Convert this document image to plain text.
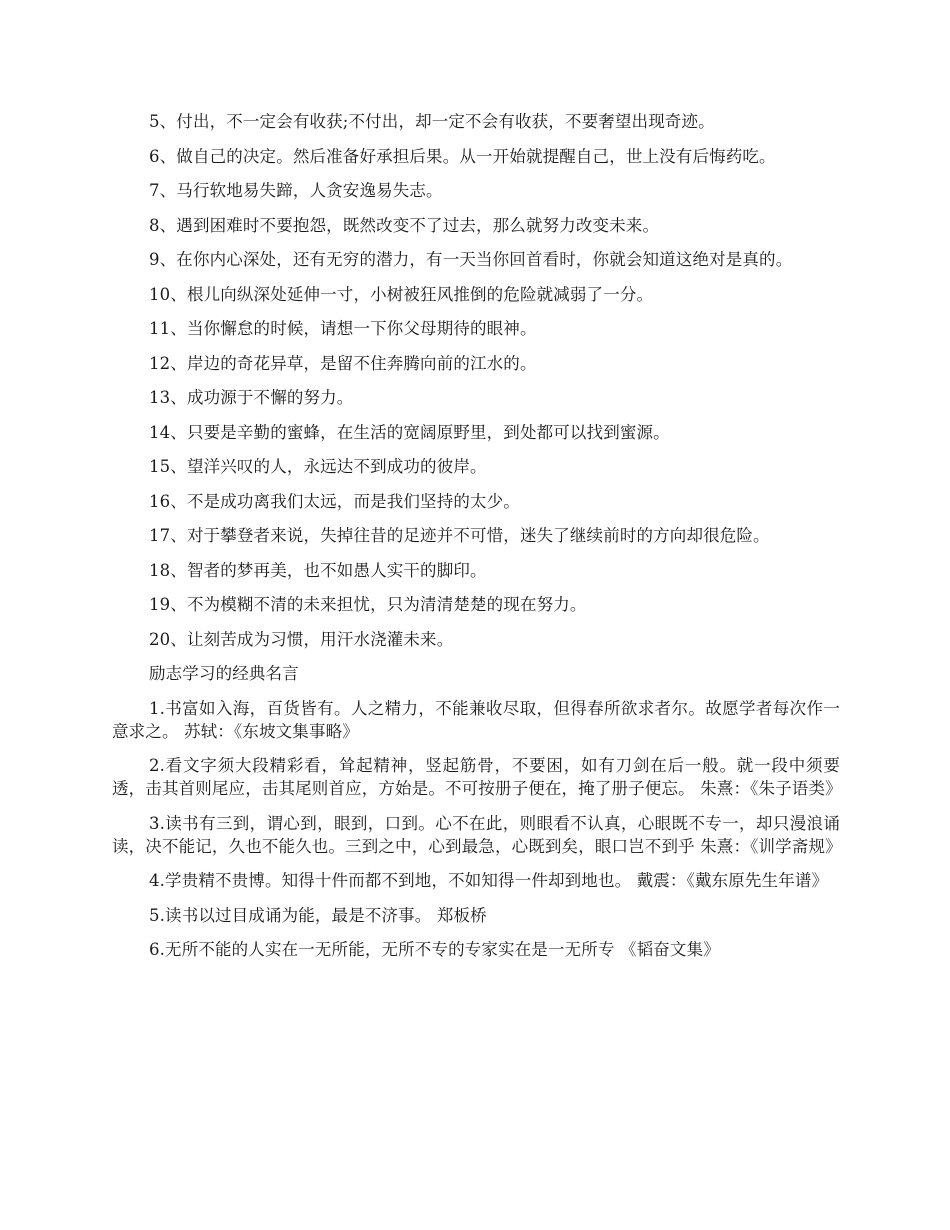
5、付出，不一定会有收获;不付出，却一定不会有收获，不要奢望出现奇迹。

6、做自己的决定。然后准备好承担后果。从一开始就提醒自己，世上没有后悔药吃。

7、马行软地易失蹄，人贪安逸易失志。

8、遇到困难时不要抱怨，既然改变不了过去，那么就努力改变未来。

9、在你内心深处，还有无穷的潜力，有一天当你回首看时，你就会知道这绝对是真的。

10、根儿向纵深处延伸一寸，小树被狂风推倒的危险就减弱了一分。

11、当你懈怠的时候，请想一下你父母期待的眼神。

12、岸边的奇花异草，是留不住奔腾向前的江水的。

13、成功源于不懈的努力。

14、只要是辛勤的蜜蜂，在生活的宽阔原野里，到处都可以找到蜜源。

15、望洋兴叹的人，永远达不到成功的彼岸。

16、不是成功离我们太远，而是我们坚持的太少。

17、对于攀登者来说，失掉往昔的足迹并不可惜，迷失了继续前时的方向却很危险。

18、智者的梦再美，也不如愚人实干的脚印。

19、不为模糊不清的未来担忧，只为清清楚楚的现在努力。

20、让刻苦成为习惯，用汗水浇灌未来。

励志学习的经典名言

1.书富如入海，百货皆有。人之精力，不能兼收尽取，但得春所欲求者尔。故愿学者每次作一意求之。 苏轼：《东坡文集事略》

2.看文字须大段精彩看，耸起精神，竖起筋骨，不要困，如有刀剑在后一般。就一段中须要透，击其首则尾应，击其尾则首应，方始是。不可按册子便在，掩了册子便忘。 朱熹：《朱子语类》

3.读书有三到，谓心到，眼到，口到。心不在此，则眼看不认真，心眼既不专一，却只漫浪诵读，决不能记，久也不能久也。三到之中，心到最急，心既到矣，眼口岂不到乎 朱熹：《训学斋规》

4.学贵精不贵博。知得十件而都不到地，不如知得一件却到地也。 戴震：《戴东原先生年谱》

5.读书以过目成诵为能，最是不济事。 郑板桥

6.无所不能的人实在一无所能，无所不专的专家实在是一无所专 《韬奋文集》
